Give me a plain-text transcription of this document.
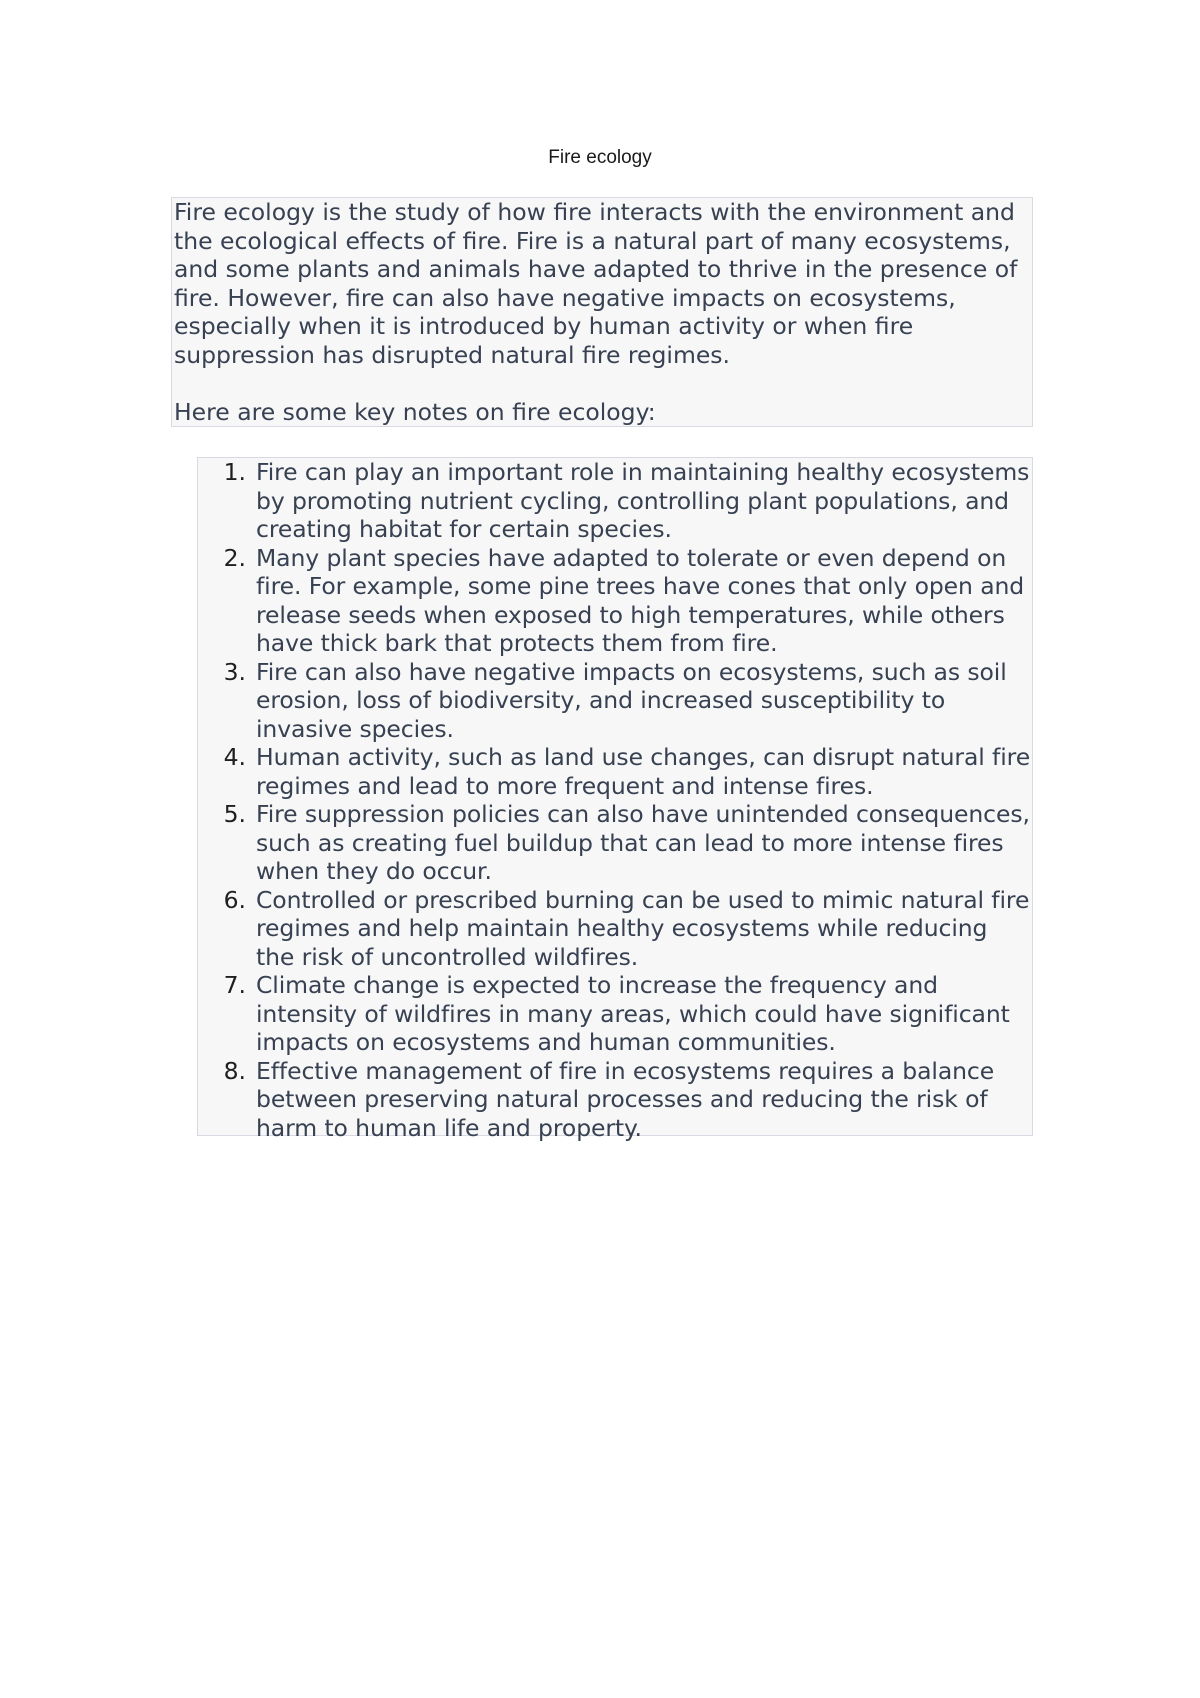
Fire ecology

Fire ecology is the study of how fire interacts with the environment and the ecological effects of fire. Fire is a natural part of many ecosystems, and some plants and animals have adapted to thrive in the presence of fire. However, fire can also have negative impacts on ecosystems, especially when it is introduced by human activity or when fire suppression has disrupted natural fire regimes.

Here are some key notes on fire ecology:

1. Fire can play an important role in maintaining healthy ecosystems by promoting nutrient cycling, controlling plant populations, and creating habitat for certain species.
2. Many plant species have adapted to tolerate or even depend on fire. For example, some pine trees have cones that only open and release seeds when exposed to high temperatures, while others have thick bark that protects them from fire.
3. Fire can also have negative impacts on ecosystems, such as soil erosion, loss of biodiversity, and increased susceptibility to invasive species.
4. Human activity, such as land use changes, can disrupt natural fire regimes and lead to more frequent and intense fires.
5. Fire suppression policies can also have unintended consequences, such as creating fuel buildup that can lead to more intense fires when they do occur.
6. Controlled or prescribed burning can be used to mimic natural fire regimes and help maintain healthy ecosystems while reducing the risk of uncontrolled wildfires.
7. Climate change is expected to increase the frequency and intensity of wildfires in many areas, which could have significant impacts on ecosystems and human communities.
8. Effective management of fire in ecosystems requires a balance between preserving natural processes and reducing the risk of harm to human life and property.
